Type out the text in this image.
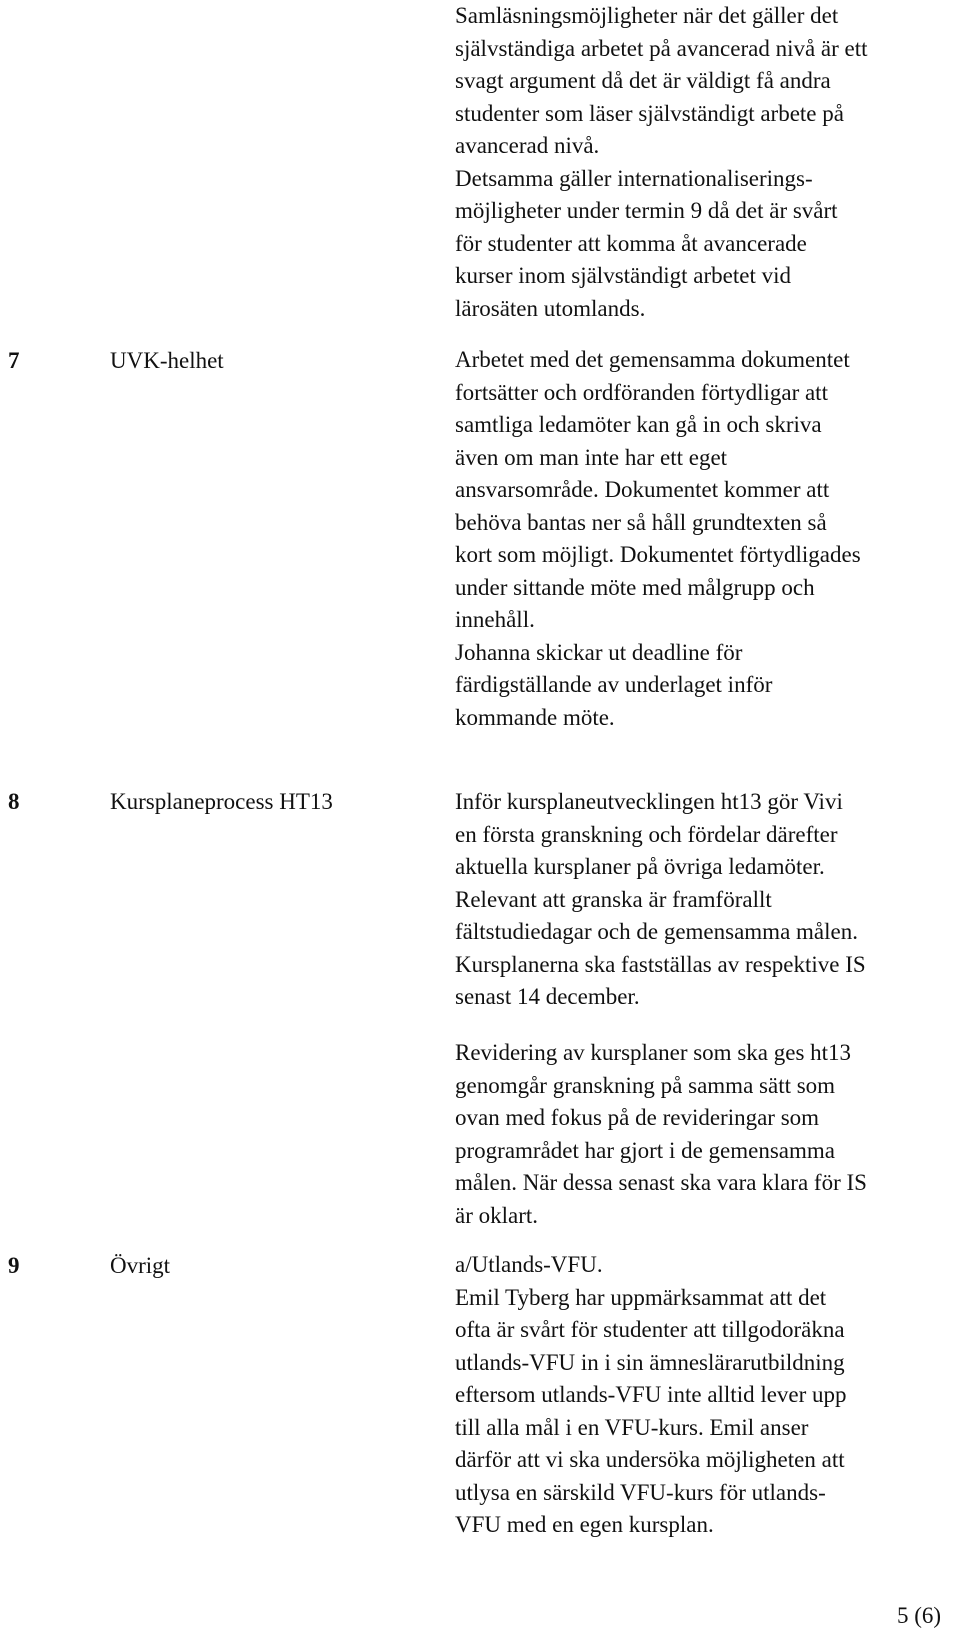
Samläsningsmöjligheter när det gäller det
självständiga arbetet på avancerad nivå är ett
svagt argument då det är väldigt få andra
studenter som läser självständigt arbete på
avancerad nivå.
Detsamma gäller internationaliserings-
möjligheter under termin 9 då det är svårt
för studenter att komma åt avancerade
kurser inom självständigt arbetet vid
lärosäten utomlands.
7	UVK-helhet	Arbetet med det gemensamma dokumentet
fortsätter och ordföranden förtydligar att
samtliga ledamöter kan gå in och skriva
även om man inte har ett eget
ansvarsområde. Dokumentet kommer att
behöva bantas ner så håll grundtexten så
kort som möjligt. Dokumentet förtydligades
under sittande möte med målgrupp och
innehåll.
Johanna skickar ut deadline för
färdigställande av underlaget inför
kommande möte.
8	Kursplaneprocess HT13	Inför kursplaneutvecklingen ht13 gör Vivi
en första granskning och fördelar därefter
aktuella kursplaner på övriga ledamöter.
Relevant att granska är framförallt
fältstudiedagar och de gemensamma målen.
Kursplanerna ska fastställas av respektive IS
senast 14 december.
Revidering av kursplaner som ska ges ht13
genomgår granskning på samma sätt som
ovan med fokus på de revideringar som
programrådet har gjort i de gemensamma
målen. När dessa senast ska vara klara för IS
är oklart.
9	Övrigt	a/Utlands-VFU.
Emil Tyberg har uppmärksammat att det
ofta är svårt för studenter att tillgodoräkna
utlands-VFU in i sin ämneslärarutbildning
eftersom utlands-VFU inte alltid lever upp
till alla mål i en VFU-kurs. Emil anser
därför att vi ska undersöka möjligheten att
utlysa en särskild VFU-kurs för utlands-
VFU med en egen kursplan.
5 (6)
